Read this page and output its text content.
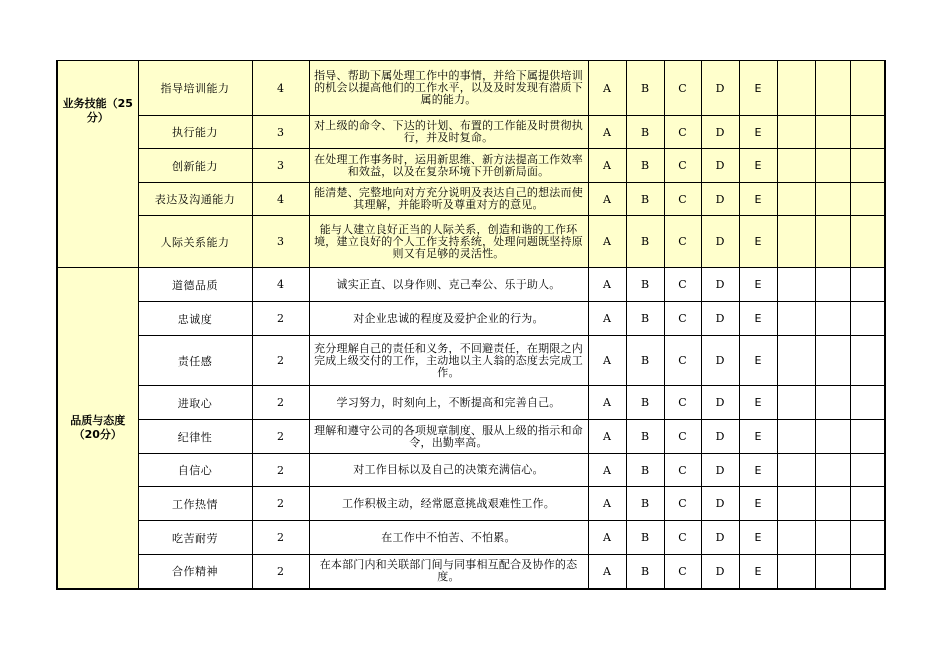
业务技能（25分）	指导培训能力	4	指导、帮助下属处理工作中的事情，并给下属提供培训的机会以提高他们的工作水平，以及及时发现有潜质下属的能力。	A	B	C	D	E			
	执行能力	3	对上级的命令、下达的计划、布置的工作能及时贯彻执行，并及时复命。	A	B	C	D	E			
	创新能力	3	在处理工作事务时，运用新思维、新方法提高工作效率和效益，以及在复杂环境下开创新局面。	A	B	C	D	E			
	表达及沟通能力	4	能清楚、完整地向对方充分说明及表达自己的想法而使其理解，并能聆听及尊重对方的意见。	A	B	C	D	E			
	人际关系能力	3	能与人建立良好正当的人际关系，创造和谐的工作环境，建立良好的个人工作支持系统，处理问题既坚持原则又有足够的灵活性。	A	B	C	D	E			
品质与态度（20分）	道德品质	4	诚实正直、以身作则、克己奉公、乐于助人。	A	B	C	D	E			
	忠诚度	2	对企业忠诚的程度及爱护企业的行为。	A	B	C	D	E			
	责任感	2	充分理解自己的责任和义务，不回避责任，在期限之内完成上级交付的工作，主动地以主人翁的态度去完成工作。	A	B	C	D	E			
	进取心	2	学习努力，时刻向上，不断提高和完善自己。	A	B	C	D	E			
	纪律性	2	理解和遵守公司的各项规章制度、服从上级的指示和命令，出勤率高。	A	B	C	D	E			
	自信心	2	对工作目标以及自己的决策充满信心。	A	B	C	D	E			
	工作热情	2	工作积极主动，经常愿意挑战艰难性工作。	A	B	C	D	E			
	吃苦耐劳	2	在工作中不怕苦、不怕累。	A	B	C	D	E			
	合作精神	2	在本部门内和关联部门间与同事相互配合及协作的态度。	A	B	C	D	E			
